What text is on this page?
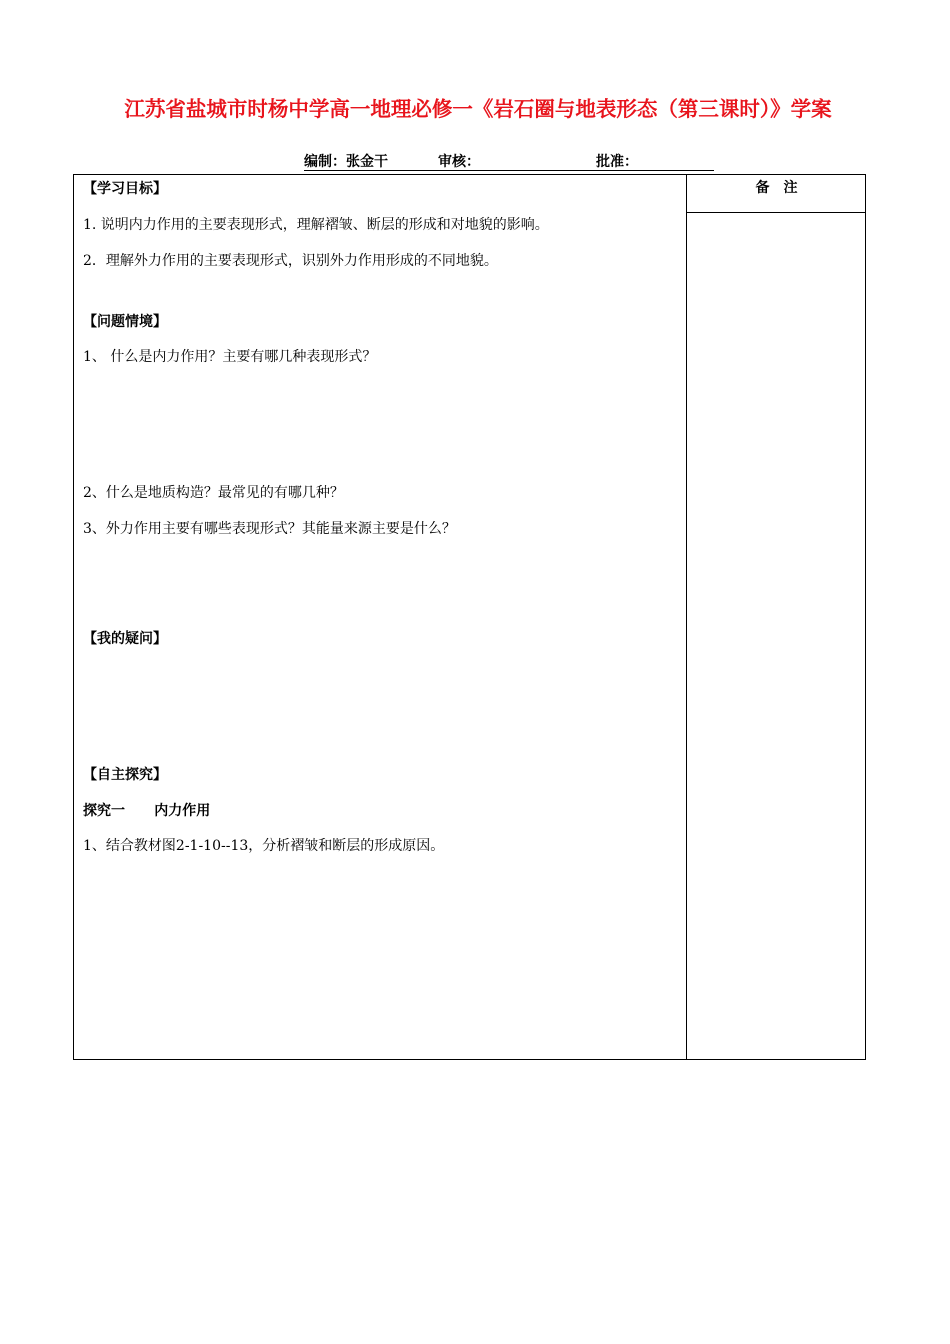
江苏省盐城市时杨中学高一地理必修一《岩石圈与地表形态（第三课时）》学案
编制：张金干	审核：	批准：
备注
【学习目标】
1. 说明内力作用的主要表现形式，理解褶皱、断层的形成和对地貌的影响。
2．理解外力作用的主要表现形式，识别外力作用形成的不同地貌。
【问题情境】
1、 什么是内力作用？主要有哪几种表现形式？
2、什么是地质构造？最常见的有哪几种？
3、外力作用主要有哪些表现形式？其能量来源主要是什么？
【我的疑问】
【自主探究】
探究一      内力作用
1、结合教材图2-1-10--13，分析褶皱和断层的形成原因。
